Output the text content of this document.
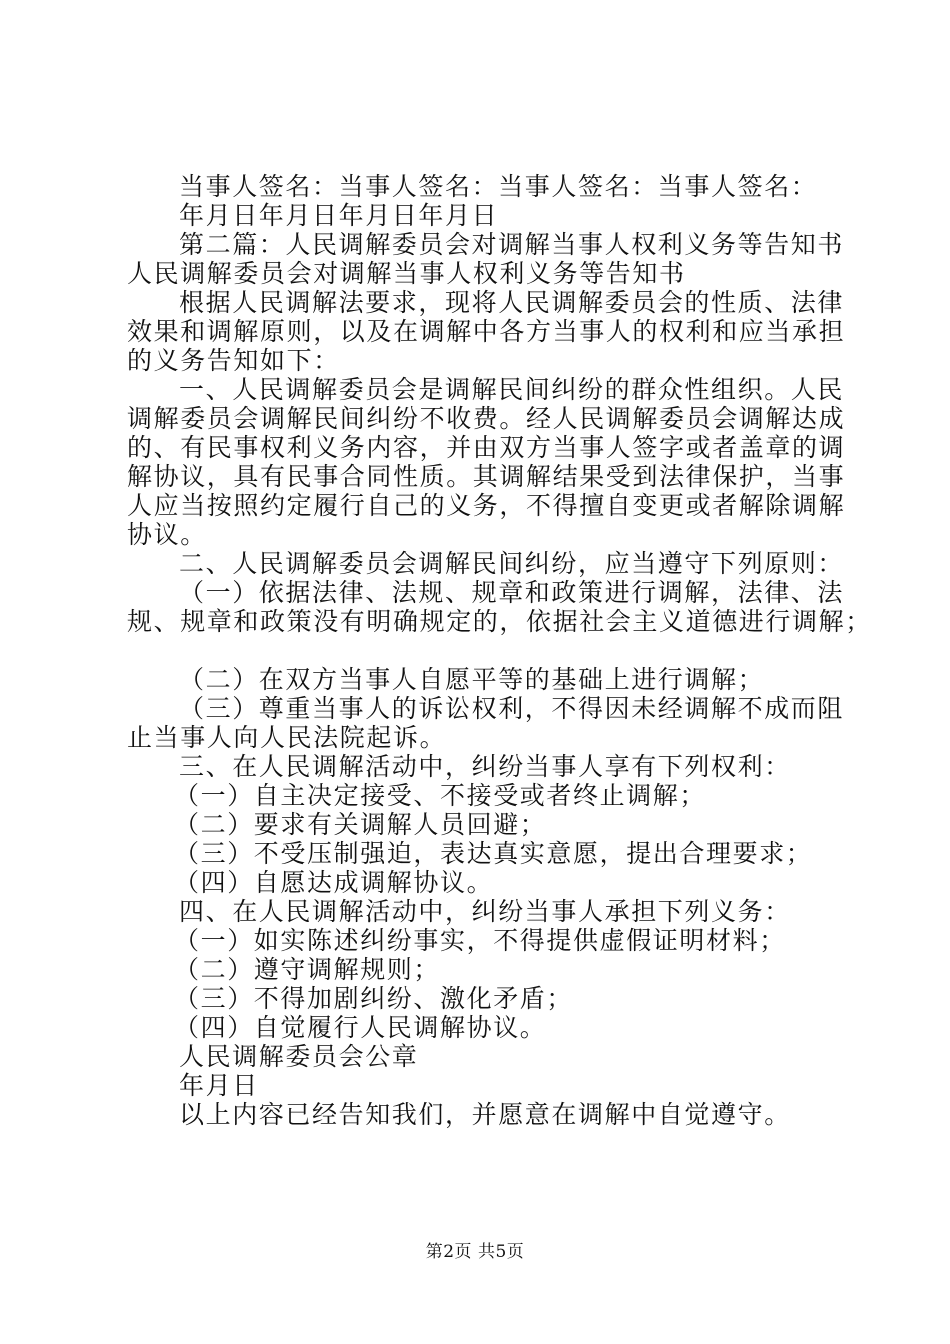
当事人签名：当事人签名：当事人签名：当事人签名：
年月日年月日年月日年月日
第二篇：人民调解委员会对调解当事人权利义务等告知书
人民调解委员会对调解当事人权利义务等告知书
根据人民调解法要求，现将人民调解委员会的性质、法律
效果和调解原则，以及在调解中各方当事人的权利和应当承担
的义务告知如下：
一、人民调解委员会是调解民间纠纷的群众性组织。人民
调解委员会调解民间纠纷不收费。经人民调解委员会调解达成
的、有民事权利义务内容，并由双方当事人签字或者盖章的调
解协议，具有民事合同性质。其调解结果受到法律保护，当事
人应当按照约定履行自己的义务，不得擅自变更或者解除调解
协议。
二、人民调解委员会调解民间纠纷，应当遵守下列原则：
（一）依据法律、法规、规章和政策进行调解，法律、法
规、规章和政策没有明确规定的，依据社会主义道德进行调解；
（二）在双方当事人自愿平等的基础上进行调解；
（三）尊重当事人的诉讼权利，不得因未经调解不成而阻
止当事人向人民法院起诉。
三、在人民调解活动中，纠纷当事人享有下列权利：
（一）自主决定接受、不接受或者终止调解；
（二）要求有关调解人员回避；
（三）不受压制强迫，表达真实意愿，提出合理要求；
（四）自愿达成调解协议。
四、在人民调解活动中，纠纷当事人承担下列义务：
（一）如实陈述纠纷事实，不得提供虚假证明材料；
（二）遵守调解规则；
（三）不得加剧纠纷、激化矛盾；
（四）自觉履行人民调解协议。
人民调解委员会公章
年月日
以上内容已经告知我们，并愿意在调解中自觉遵守。
第2页 共5页
